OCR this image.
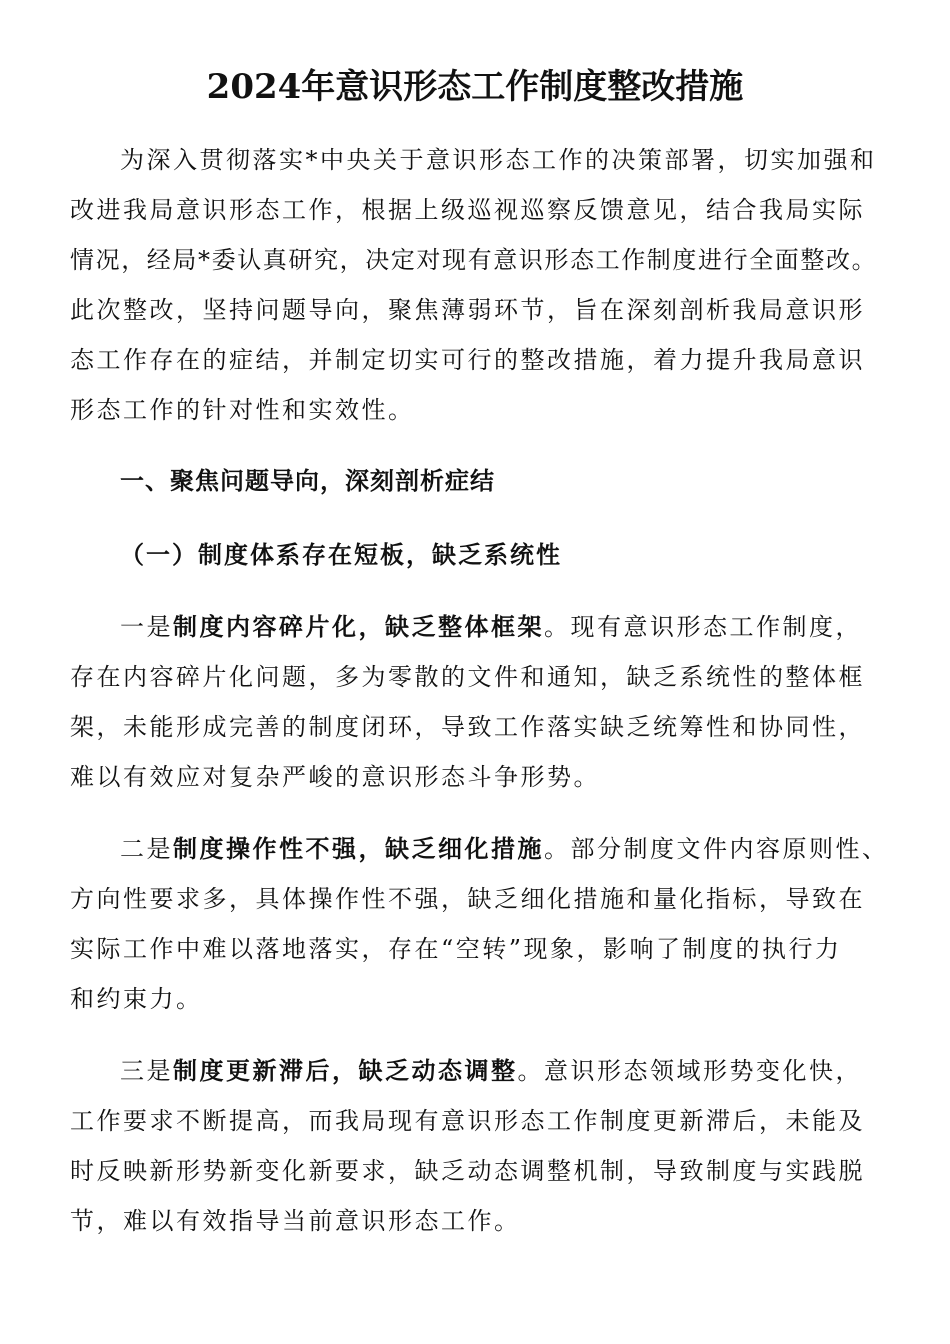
2024年意识形态工作制度整改措施
为深入贯彻落实*中央关于意识形态工作的决策部署，切实加强和
改进我局意识形态工作，根据上级巡视巡察反馈意见，结合我局实际
情况，经局*委认真研究，决定对现有意识形态工作制度进行全面整改。
此次整改，坚持问题导向，聚焦薄弱环节，旨在深刻剖析我局意识形
态工作存在的症结，并制定切实可行的整改措施，着力提升我局意识
形态工作的针对性和实效性。
一、聚焦问题导向，深刻剖析症结
（一）制度体系存在短板，缺乏系统性
一是制度内容碎片化，缺乏整体框架。现有意识形态工作制度，
存在内容碎片化问题，多为零散的文件和通知，缺乏系统性的整体框
架，未能形成完善的制度闭环，导致工作落实缺乏统筹性和协同性，
难以有效应对复杂严峻的意识形态斗争形势。
二是制度操作性不强，缺乏细化措施。部分制度文件内容原则性、
方向性要求多，具体操作性不强，缺乏细化措施和量化指标，导致在
实际工作中难以落地落实，存在“空转”现象，影响了制度的执行力
和约束力。
三是制度更新滞后，缺乏动态调整。意识形态领域形势变化快，
工作要求不断提高，而我局现有意识形态工作制度更新滞后，未能及
时反映新形势新变化新要求，缺乏动态调整机制，导致制度与实践脱
节，难以有效指导当前意识形态工作。
